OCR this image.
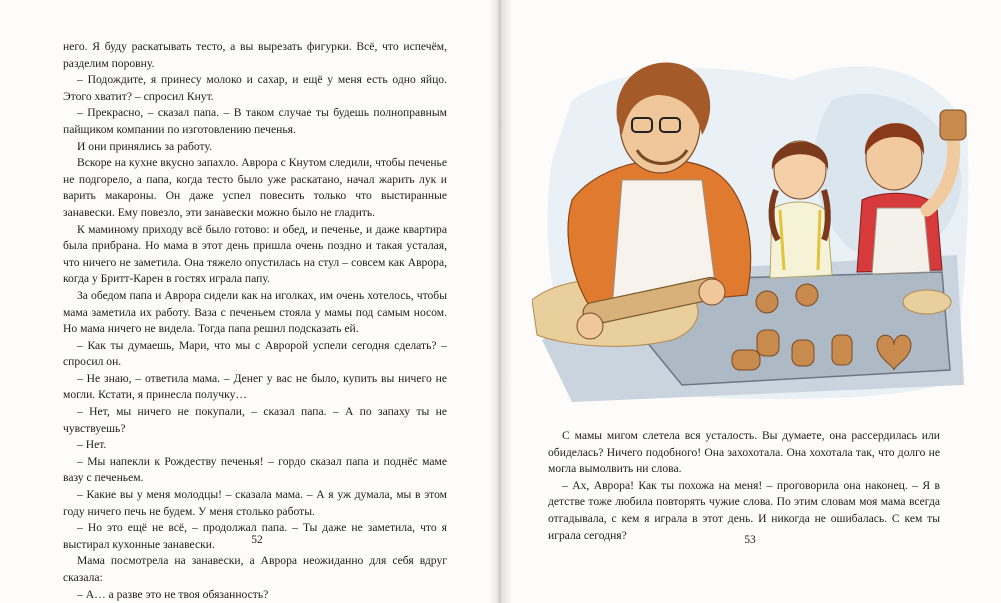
него. Я буду раскатывать тесто, а вы вырезать фигурки. Всё, что испечём, разделим поровну.

– Подождите, я принесу молоко и сахар, и ещё у меня есть одно яйцо. Этого хватит? – спросил Кнут.

– Прекрасно, – сказал папа. – В таком случае ты будешь полноправным пайщиком компании по изготовлению печенья.

И они принялись за работу.

Вскоре на кухне вкусно запахло. Аврора с Кнутом следили, чтобы печенье не подгорело, а папа, когда тесто было уже раскатано, начал жарить лук и варить макароны. Он даже успел повесить только что выстиранные занавески. Ему повезло, эти занавески можно было не гладить.

К маминому приходу всё было готово: и обед, и печенье, и даже квартира была прибрана. Но мама в этот день пришла очень поздно и такая усталая, что ничего не заметила. Она тяжело опустилась на стул – совсем как Аврора, когда у Бритт-Карен в гостях играла папу.

За обедом папа и Аврора сидели как на иголках, им очень хотелось, чтобы мама заметила их работу. Ваза с печеньем стояла у мамы под самым носом. Но мама ничего не видела. Тогда папа решил подсказать ей.

– Как ты думаешь, Мари, что мы с Авророй успели сегодня сделать? – спросил он.

– Не знаю, – ответила мама. – Денег у вас не было, купить вы ничего не могли. Кстати, я принесла получку…

– Нет, мы ничего не покупали, – сказал папа. – А по запаху ты не чувствуешь?

– Нет.

– Мы напекли к Рождеству печенья! – гордо сказал папа и поднёс маме вазу с печеньем.

– Какие вы у меня молодцы! – сказала мама. – А я уж думала, мы в этом году ничего печь не будем. У меня столько работы.

– Но это ещё не всё, – продолжал папа. – Ты даже не заметила, что я выстирал кухонные занавески.

Мама посмотрела на занавески, а Аврора неожиданно для себя вдруг сказала:

– А… а разве это не твоя обязанность?

52

С мамы мигом слетела вся усталость. Вы думаете, она рассердилась или обиделась? Ничего подобного! Она захохотала. Она хохотала так, что долго не могла вымолвить ни слова.

– Ах, Аврора! Как ты похожа на меня! – проговорила она наконец. – Я в детстве тоже любила повторять чужие слова. По этим словам моя мама всегда отгадывала, с кем я играла в этот день. И никогда не ошибалась. С кем ты играла сегодня?	53
